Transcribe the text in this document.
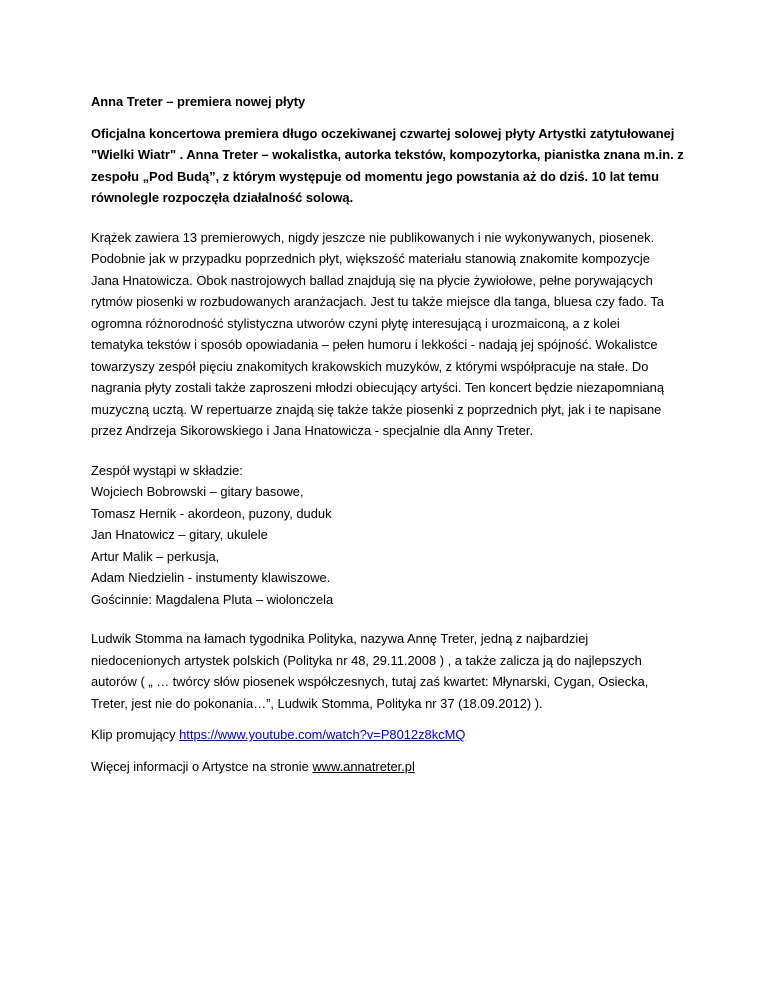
Anna Treter – premiera nowej płyty
Oficjalna koncertowa premiera długo oczekiwanej czwartej solowej płyty Artystki zatytułowanej
"Wielki Wiatr" . Anna Treter – wokalistka, autorka tekstów, kompozytorka, pianistka znana m.in. z
zespołu „Pod Budą”, z którym występuje od momentu jego powstania aż do dziś. 10 lat temu
równolegle rozpoczęła działalność solową.
Krążek zawiera 13 premierowych, nigdy jeszcze nie publikowanych i nie wykonywanych, piosenek.
Podobnie jak w przypadku poprzednich płyt, większość materiału stanowią znakomite kompozycje
Jana Hnatowicza. Obok nastrojowych ballad znajdują się na płycie żywiołowe, pełne porywających
rytmów piosenki w rozbudowanych aranżacjach. Jest tu także miejsce dla tanga, bluesa czy fado. Ta
ogromna różnorodność stylistyczna utworów czyni płytę interesującą i urozmaiconą, a z kolei
tematyka tekstów i sposób opowiadania – pełen humoru i lekkości - nadają jej spójność. Wokalistce
towarzyszy zespół pięciu znakomitych krakowskich muzyków, z którymi współpracuje na stałe. Do
nagrania płyty zostali także zaproszeni młodzi obiecujący artyści. Ten koncert będzie niezapomnianą
muzyczną ucztą. W repertuarze znajdą się także także piosenki z poprzednich płyt, jak i te napisane
przez Andrzeja Sikorowskiego i Jana Hnatowicza - specjalnie dla Anny Treter.
Zespół wystąpi w składzie:
Wojciech Bobrowski – gitary basowe,
Tomasz Hernik - akordeon, puzony, duduk
Jan Hnatowicz – gitary, ukulele
Artur Malik – perkusja,
Adam Niedzielin - instumenty klawiszowe.
Gościnnie: Magdalena Pluta – wiolonczela
Ludwik Stomma na łamach tygodnika Polityka, nazywa Annę Treter, jedną z najbardziej
niedocenionych artystek polskich (Polityka nr 48, 29.11.2008 ) , a także zalicza ją do najlepszych
autorów ( „ … twórcy słów piosenek współczesnych, tutaj zaś kwartet: Młynarski, Cygan, Osiecka,
Treter, jest nie do pokonania…”, Ludwik Stomma, Polityka nr 37 (18.09.2012) ).
Klip promujący https://www.youtube.com/watch?v=P8012z8kcMQ
Więcej informacji o Artystce na stronie www.annatreter.pl
